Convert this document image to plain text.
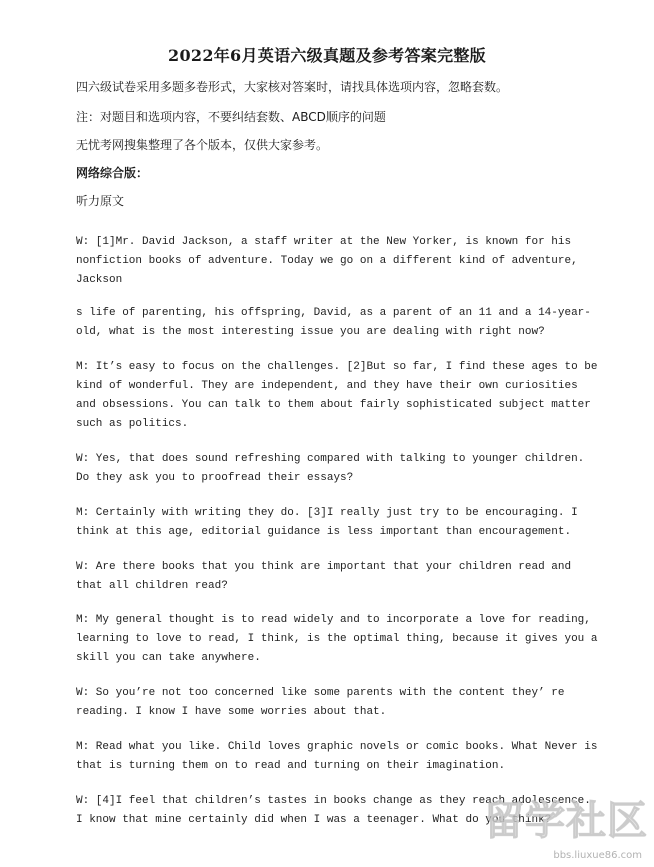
2022年6月英语六级真题及参考答案完整版
四六级试卷采用多题多卷形式，大家核对答案时，请找具体选项内容，忽略套数。
注：对题目和选项内容，不要纠结套数、ABCD顺序的问题
无忧考网搜集整理了各个版本，仅供大家参考。
网络综合版：
听力原文
W: [1]Mr. David Jackson, a staff writer at the New Yorker, is known for his
nonfiction books of adventure. Today we go on a different kind of adventure,
Jackson
s life of parenting, his offspring, David, as a parent of an 11 and a 14-year-
old, what is the most interesting issue you are dealing with right now?
M: It’s easy to focus on the challenges. [2]But so far, I find these ages to be
kind of wonderful. They are independent, and they have their own curiosities
and obsessions. You can talk to them about fairly sophisticated subject matter
such as politics.
W: Yes, that does sound refreshing compared with talking to younger children.
Do they ask you to proofread their essays?
M: Certainly with writing they do. [3]I really just try to be encouraging. I
think at this age, editorial guidance is less important than encouragement.
W: Are there books that you think are important that your children read and
that all children read?
M: My general thought is to read widely and to incorporate a love for reading,
learning to love to read, I think, is the optimal thing, because it gives you a
skill you can take anywhere.
W: So you’re not too concerned like some parents with the content they’ re
reading. I know I have some worries about that.
M: Read what you like. Child loves graphic novels or comic books. What Never is
that is turning them on to read and turning on their imagination.
W: [4]I feel that children’s tastes in books change as they reach adolescence.
I know that mine certainly did when I was a teenager. What do you think?
留学社区
bbs.liuxue86.com
